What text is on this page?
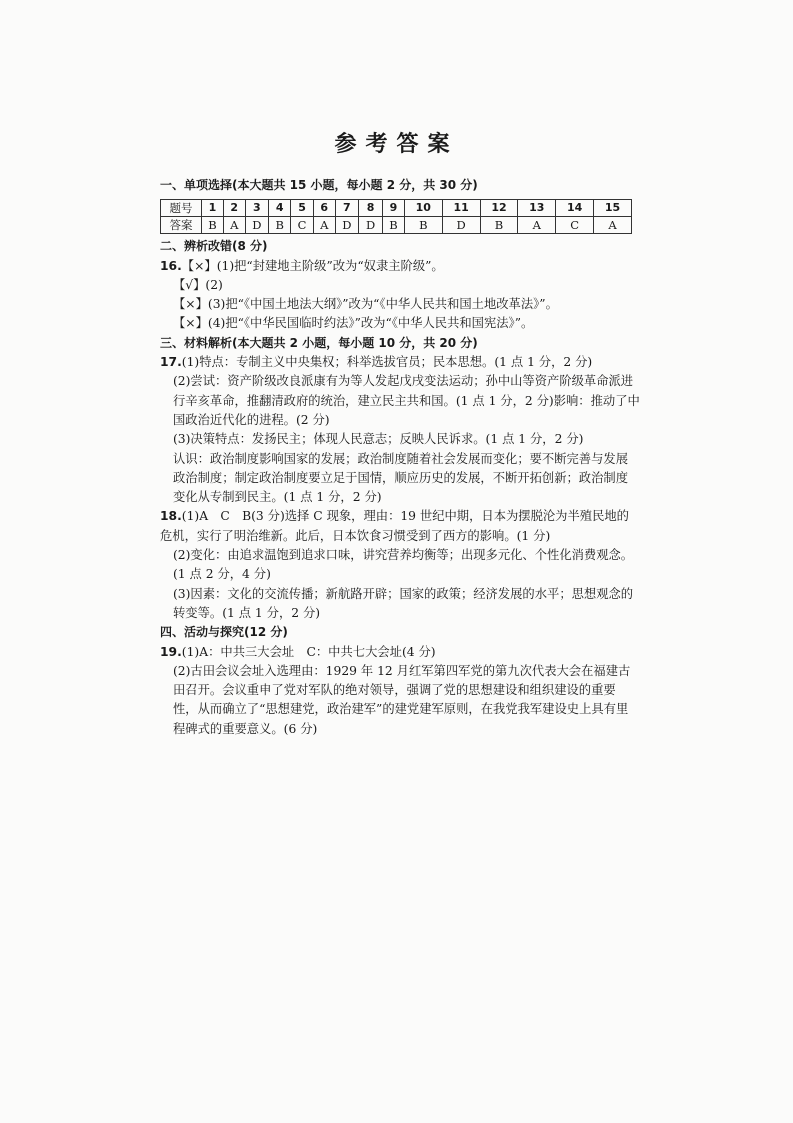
参考答案

一、单项选择(本大题共 15 小题，每小题 2 分，共 30 分)

题号	1	2	3	4	5	6	7	8	9	10	11	12	13	14	15
答案	B	A	D	B	C	A	D	D	B	B	D	B	A	C	A

二、辨析改错(8 分)

16.【×】(1)把“封建地主阶级”改为“奴隶主阶级”。

【√】(2)

【×】(3)把“《中国土地法大纲》”改为“《中华人民共和国土地改革法》”。

【×】(4)把“《中华民国临时约法》”改为“《中华人民共和国宪法》”。

三、材料解析(本大题共 2 小题，每小题 10 分，共 20 分)

17.(1)特点：专制主义中央集权；科举选拔官员；民本思想。(1 点 1 分，2 分)

(2)尝试：资产阶级改良派康有为等人发起戊戌变法运动；孙中山等资产阶级革命派进行辛亥革命，推翻清政府的统治，建立民主共和国。(1 点 1 分，2 分)影响：推动了中国政治近代化的进程。(2 分)

(3)决策特点：发扬民主；体现人民意志；反映人民诉求。(1 点 1 分，2 分)

认识：政治制度影响国家的发展；政治制度随着社会发展而变化；要不断完善与发展政治制度；制定政治制度要立足于国情，顺应历史的发展，不断开拓创新；政治制度变化从专制到民主。(1 点 1 分，2 分)

18.(1)A　C　B(3 分)选择 C 现象，理由：19 世纪中期，日本为摆脱沦为半殖民地的危机，实行了明治维新。此后，日本饮食习惯受到了西方的影响。(1 分)

(2)变化：由追求温饱到追求口味，讲究营养均衡等；出现多元化、个性化消费观念。(1 点 2 分，4 分)

(3)因素：文化的交流传播；新航路开辟；国家的政策；经济发展的水平；思想观念的转变等。(1 点 1 分，2 分)

四、活动与探究(12 分)

19.(1)A：中共三大会址　C：中共七大会址(4 分)

(2)古田会议会址入选理由：1929 年 12 月红军第四军党的第九次代表大会在福建古田召开。会议重申了党对军队的绝对领导，强调了党的思想建设和组织建设的重要性，从而确立了“思想建党，政治建军”的建党建军原则，在我党我军建设史上具有里程碑式的重要意义。(6 分)
